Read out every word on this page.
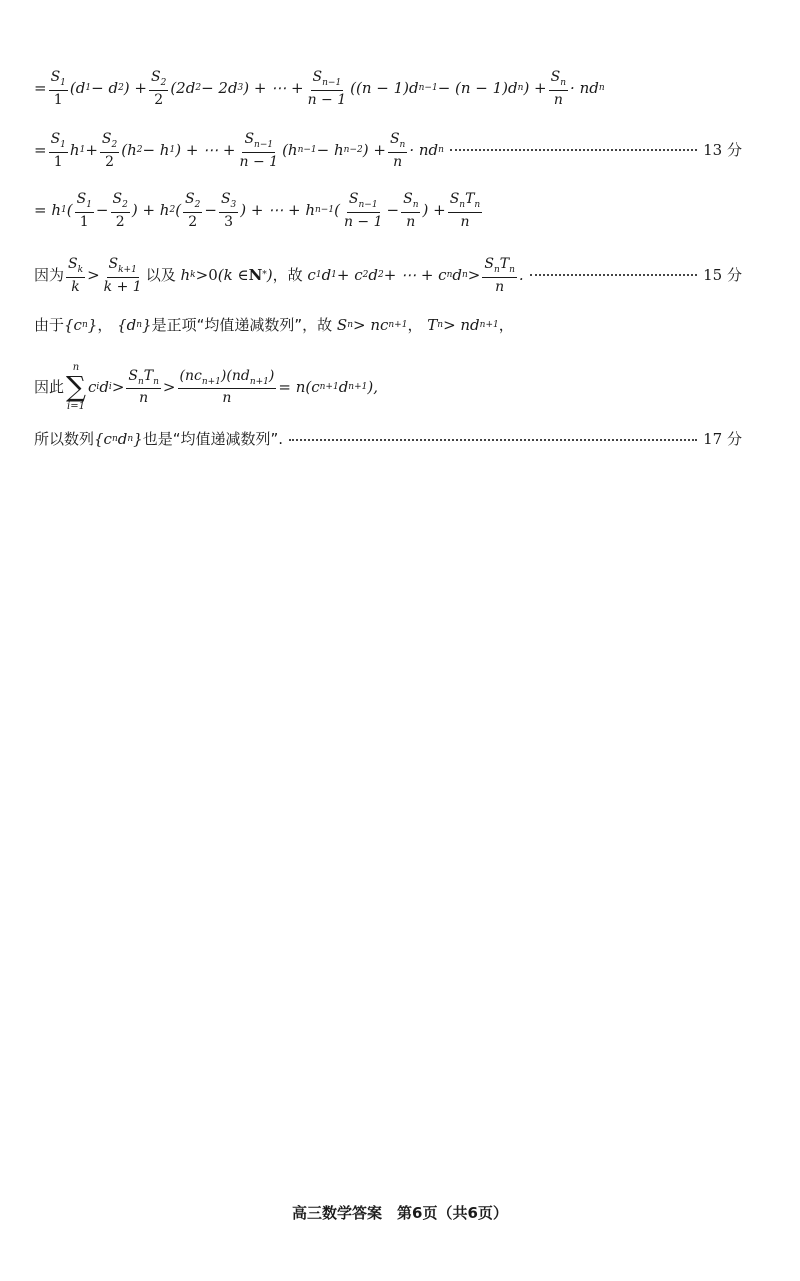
= $\frac{S_1}{1} (d$ 1 − d 2 ) + $\frac{S_2}{2} (2d$ 2 − 2d 3 ) + ⋯ + $\frac{S_{n-1}}{n - 1} ((n - 1)d$ n−1 − (n − 1)d n ) + $\frac{S_n}{n}$ · nd n
= $\frac{S_1}{1}$ h $1 + \frac{S_2}{2} (h$ 2 − h 1 ) + ⋯ + $\frac{S_{n-1}}{n - 1} (h$ n−1 − h n−2 ) + $\frac{S_n}{n}$ · nd n	13 分
= h 1 ( $\frac{S_1}{1} - \frac{S_2}{2}$ ) + h 2 ( $\frac{S_2}{2} - \frac{S_3}{3}$ ) + ⋯ + h n−1 ( $\frac{S_{n-1}}{n - 1} - \frac{S_n}{n}$ ) + $\frac{S_nT_n}{n}$
因为 $\frac{S_k}{k} > \frac{S_{k+1}}{k + 1}$ 以及 h k > 0 (k ∈ N * ) ，故 c 1 d 1 + c 2 d 2 + ⋯ + c n d $n > \frac{S_nT_n}{n}$ .	15 分
由于 {c n } ， {d n } 是正项“均值递减数列”，故 S n > nc n+1 ， T n > nd n+1 ，
因此
n
∑
i=1
c i d $i > \frac{S_nT_n}{n} > \frac{(nc_{n+1})(nd_{n+1})}{n} = n(c$ n+1 d n+1 ),
所以数列 {c n d n } 也是“均值递减数列”.	17 分
高三数学答案　第6页（共6页）
